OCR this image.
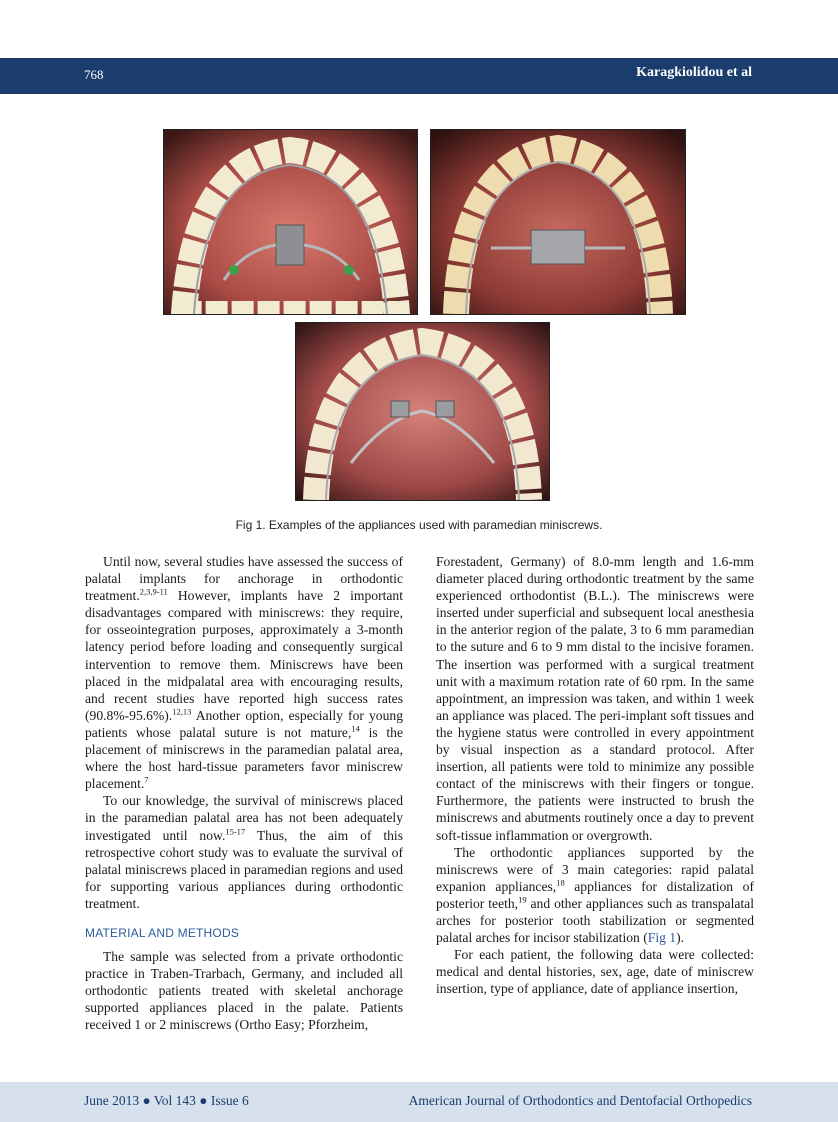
768	Karagkiolidou et al
Fig 1. Examples of the appliances used with paramedian miniscrews.

Until now, several studies have assessed the success of palatal implants for anchorage in orthodontic treatment.$^{2,3,9-11}$ However, implants have 2 important disadvantages compared with miniscrews: they require, for osseointegration purposes, approximately a 3-month latency period before loading and consequently surgical intervention to remove them. Miniscrews have been placed in the midpalatal area with encouraging results, and recent studies have reported high success rates (90.8%-95.6%).$^{12,13}$ Another option, especially for young patients whose palatal suture is not mature,$^{14}$ is the placement of miniscrews in the paramedian palatal area, where the host hard-tissue parameters favor miniscrew placement.$^7$

To our knowledge, the survival of miniscrews placed in the paramedian palatal area has not been adequately investigated until now.$^{15-17}$ Thus, the aim of this retrospective cohort study was to evaluate the survival of palatal miniscrews placed in paramedian regions and used for supporting various appliances during orthodontic treatment.

MATERIAL AND METHODS

The sample was selected from a private orthodontic practice in Traben-Trarbach, Germany, and included all orthodontic patients treated with skeletal anchorage supported appliances placed in the palate. Patients received 1 or 2 miniscrews (Ortho Easy; Pforzheim,

Forestadent, Germany) of 8.0-mm length and 1.6-mm diameter placed during orthodontic treatment by the same experienced orthodontist (B.L.). The miniscrews were inserted under superficial and subsequent local anesthesia in the anterior region of the palate, 3 to 6 mm paramedian to the suture and 6 to 9 mm distal to the incisive foramen. The insertion was performed with a surgical treatment unit with a maximum rotation rate of 60 rpm. In the same appointment, an impression was taken, and within 1 week an appliance was placed. The peri-implant soft tissues and the hygiene status were controlled in every appointment by visual inspection as a standard protocol. After insertion, all patients were told to minimize any possible contact of the miniscrews with their fingers or tongue. Furthermore, the patients were instructed to brush the miniscrews and abutments routinely once a day to prevent soft-tissue inflammation or overgrowth.

The orthodontic appliances supported by the miniscrews were of 3 main categories: rapid palatal expanion appliances,$^{18}$ appliances for distalization of posterior teeth,$^{19}$ and other appliances such as transpalatal arches for posterior tooth stabilization or segmented palatal arches for incisor stabilization (Fig 1).

For each patient, the following data were collected: medical and dental histories, sex, age, date of miniscrew insertion, type of appliance, date of appliance insertion,

June 2013 ● Vol 143 ● Issue 6	American Journal of Orthodontics and Dentofacial Orthopedics
